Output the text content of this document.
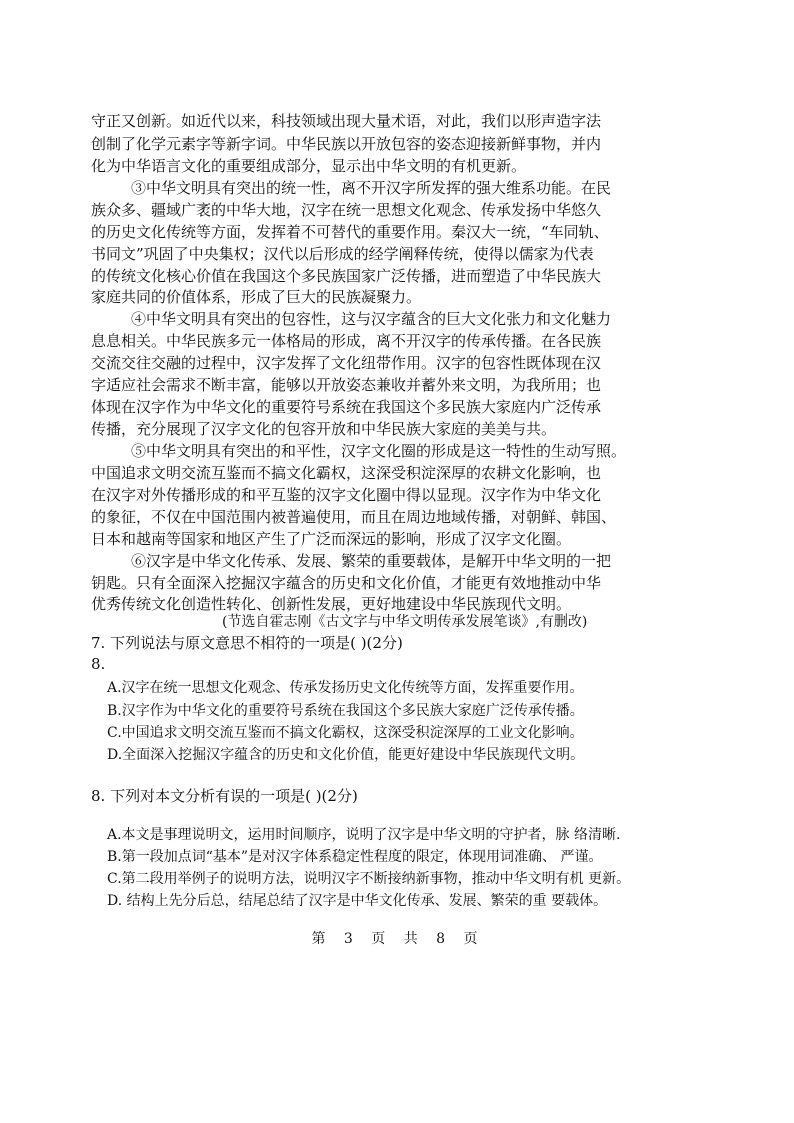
守正又创新。如近代以来，科技领域出现大量术语，对此，我们以形声造字法
创制了化学元素字等新字词。中华民族以开放包容的姿态迎接新鲜事物，并内
化为中华语言文化的重要组成部分，显示出中华文明的有机更新。
③中华文明具有突出的统一性，离不开汉字所发挥的强大维系功能。在民
族众多、疆域广袤的中华大地，汉字在统一思想文化观念、传承发扬中华悠久
的历史文化传统等方面，发挥着不可替代的重要作用。秦汉大一统，“车同轨、
书同文”巩固了中央集权；汉代以后形成的经学阐释传统，使得以儒家为代表
的传统文化核心价值在我国这个多民族国家广泛传播，进而塑造了中华民族大
家庭共同的价值体系，形成了巨大的民族凝聚力。
④中华文明具有突出的包容性，这与汉字蕴含的巨大文化张力和文化魅力
息息相关。中华民族多元一体格局的形成，离不开汉字的传承传播。在各民族
交流交往交融的过程中，汉字发挥了文化纽带作用。汉字的包容性既体现在汉
字适应社会需求不断丰富，能够以开放姿态兼收并蓄外来文明，为我所用；也
体现在汉字作为中华文化的重要符号系统在我国这个多民族大家庭内广泛传承
传播，充分展现了汉字文化的包容开放和中华民族大家庭的美美与共。
⑤中华文明具有突出的和平性，汉字文化圈的形成是这一特性的生动写照。
中国追求文明交流互鉴而不搞文化霸权，这深受积淀深厚的农耕文化影响，也
在汉字对外传播形成的和平互鉴的汉字文化圈中得以显现。汉字作为中华文化
的象征，不仅在中国范围内被普遍使用，而且在周边地域传播，对朝鲜、韩国、
日本和越南等国家和地区产生了广泛而深远的影响，形成了汉字文化圈。
⑥汉字是中华文化传承、发展、繁荣的重要载体，是解开中华文明的一把
钥匙。只有全面深入挖掘汉字蕴含的历史和文化价值，才能更有效地推动中华
优秀传统文化创造性转化、创新性发展，更好地建设中华民族现代文明。
(节选自霍志刚《古文字与中华文明传承发展笔谈》,有删改)
7. 下列说法与原文意思不相符的一项是( )(2分)
8.
A.汉字在统一思想文化观念、传承发扬历史文化传统等方面，发挥重要作用。
B.汉字作为中华文化的重要符号系统在我国这个多民族大家庭广泛传承传播。
C.中国追求文明交流互鉴而不搞文化霸权，这深受积淀深厚的工业文化影响。
D.全面深入挖掘汉字蕴含的历史和文化价值，能更好建设中华民族现代文明。
8. 下列对本文分析有误的一项是( )(2分)
A.本文是事理说明文，运用时间顺序，说明了汉字是中华文明的守护者，脉 络清晰.
B.第一段加点词“基本”是对汉字体系稳定性程度的限定，体现用词准确、 严谨。
C.第二段用举例子的说明方法，说明汉字不断接纳新事物，推动中华文明有机 更新。
D. 结构上先分后总，结尾总结了汉字是中华文化传承、发展、繁荣的重 要载体。
第 3 页 共 8 页
